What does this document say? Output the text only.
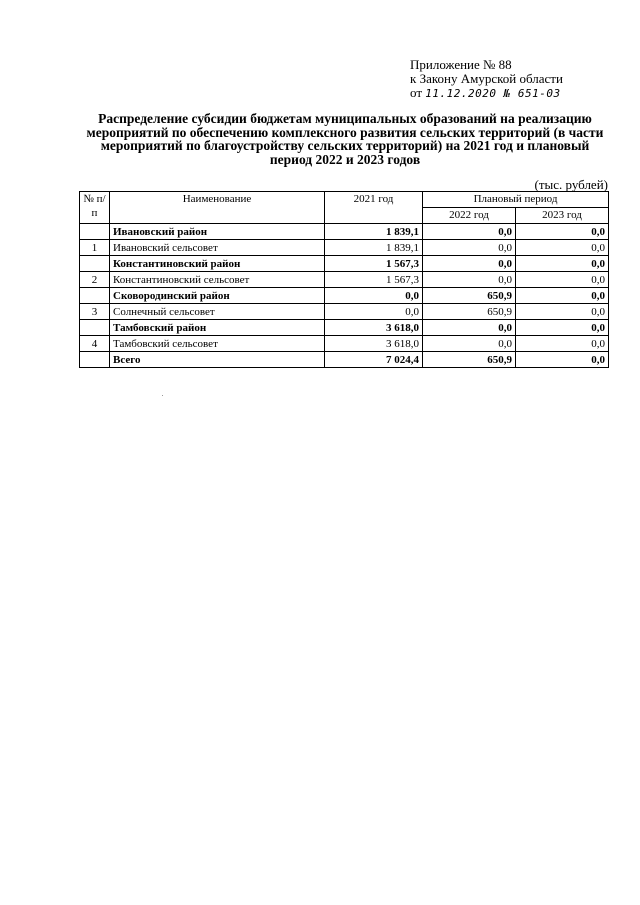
Приложение № 88
к Закону Амурской области
от 11.12.2020 № 651-03
Распределение субсидии бюджетам муниципальных образований на реализацию мероприятий по обеспечению комплексного развития сельских территорий (в части мероприятий по благоустройству сельских территорий) на 2021 год и плановый период 2022 и 2023 годов
(тыс. рублей)
№ п/п	Наименование	2021 год	Плановый период	
			2022 год	2023 год
	Ивановский район	1 839,1	0,0	0,0
1	Ивановский сельсовет	1 839,1	0,0	0,0
	Константиновский район	1 567,3	0,0	0,0
2	Константиновский сельсовет	1 567,3	0,0	0,0
	Сковородинский район	0,0	650,9	0,0
3	Солнечный сельсовет	0,0	650,9	0,0
	Тамбовский район	3 618,0	0,0	0,0
4	Тамбовский сельсовет	3 618,0	0,0	0,0
	Всего	7 024,4	650,9	0,0
